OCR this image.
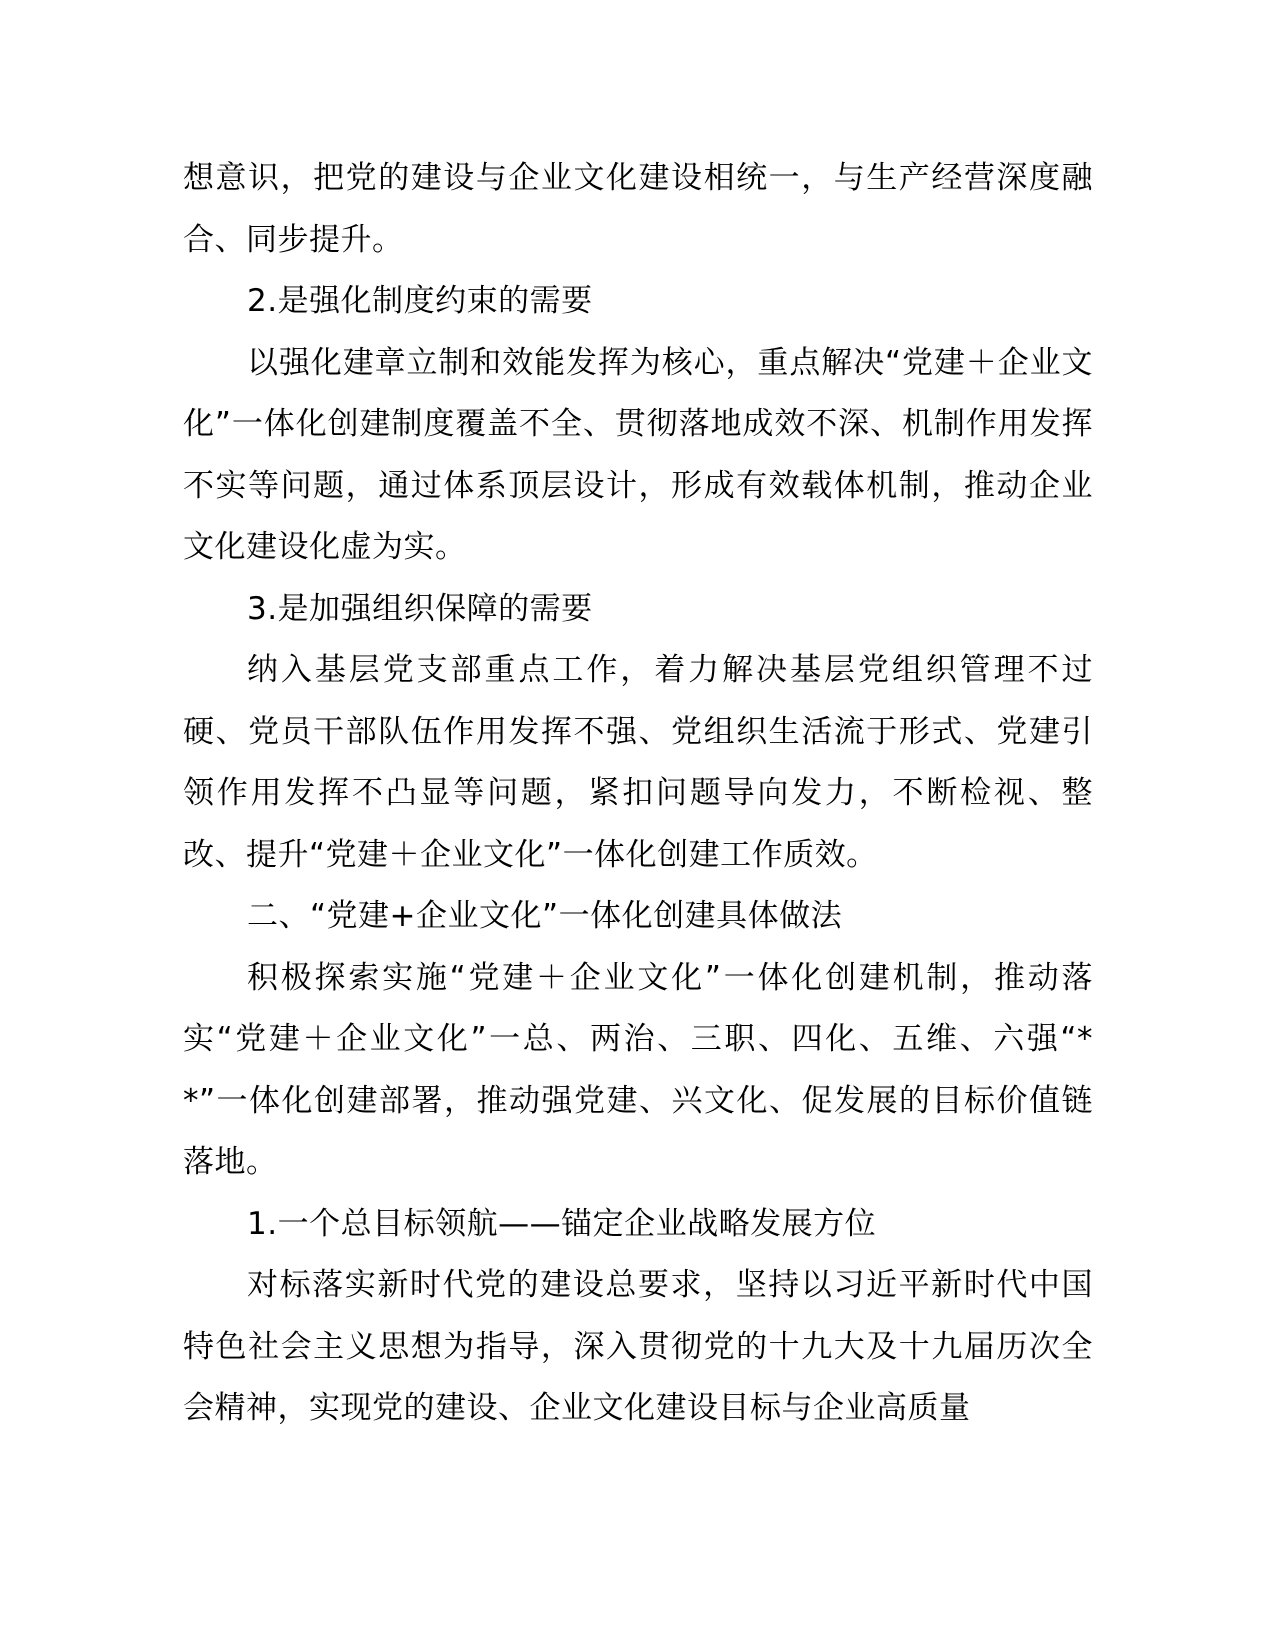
想意识，把党的建设与企业文化建设相统一，与生产经营深度融合、同步提升。

2.是强化制度约束的需要

以强化建章立制和效能发挥为核心，重点解决“党建＋企业文化”一体化创建制度覆盖不全、贯彻落地成效不深、机制作用发挥不实等问题，通过体系顶层设计，形成有效载体机制，推动企业文化建设化虚为实。

3.是加强组织保障的需要

纳入基层党支部重点工作，着力解决基层党组织管理不过硬、党员干部队伍作用发挥不强、党组织生活流于形式、党建引领作用发挥不凸显等问题，紧扣问题导向发力，不断检视、整改、提升“党建＋企业文化”一体化创建工作质效。

二、“党建+企业文化”一体化创建具体做法

积极探索实施“党建＋企业文化”一体化创建机制，推动落实“党建＋企业文化”一总、两治、三职、四化、五维、六强“**”一体化创建部署，推动强党建、兴文化、促发展的目标价值链落地。

1.一个总目标领航——锚定企业战略发展方位

对标落实新时代党的建设总要求，坚持以习近平新时代中国特色社会主义思想为指导，深入贯彻党的十九大及十九届历次全会精神，实现党的建设、企业文化建设目标与企业高质量
